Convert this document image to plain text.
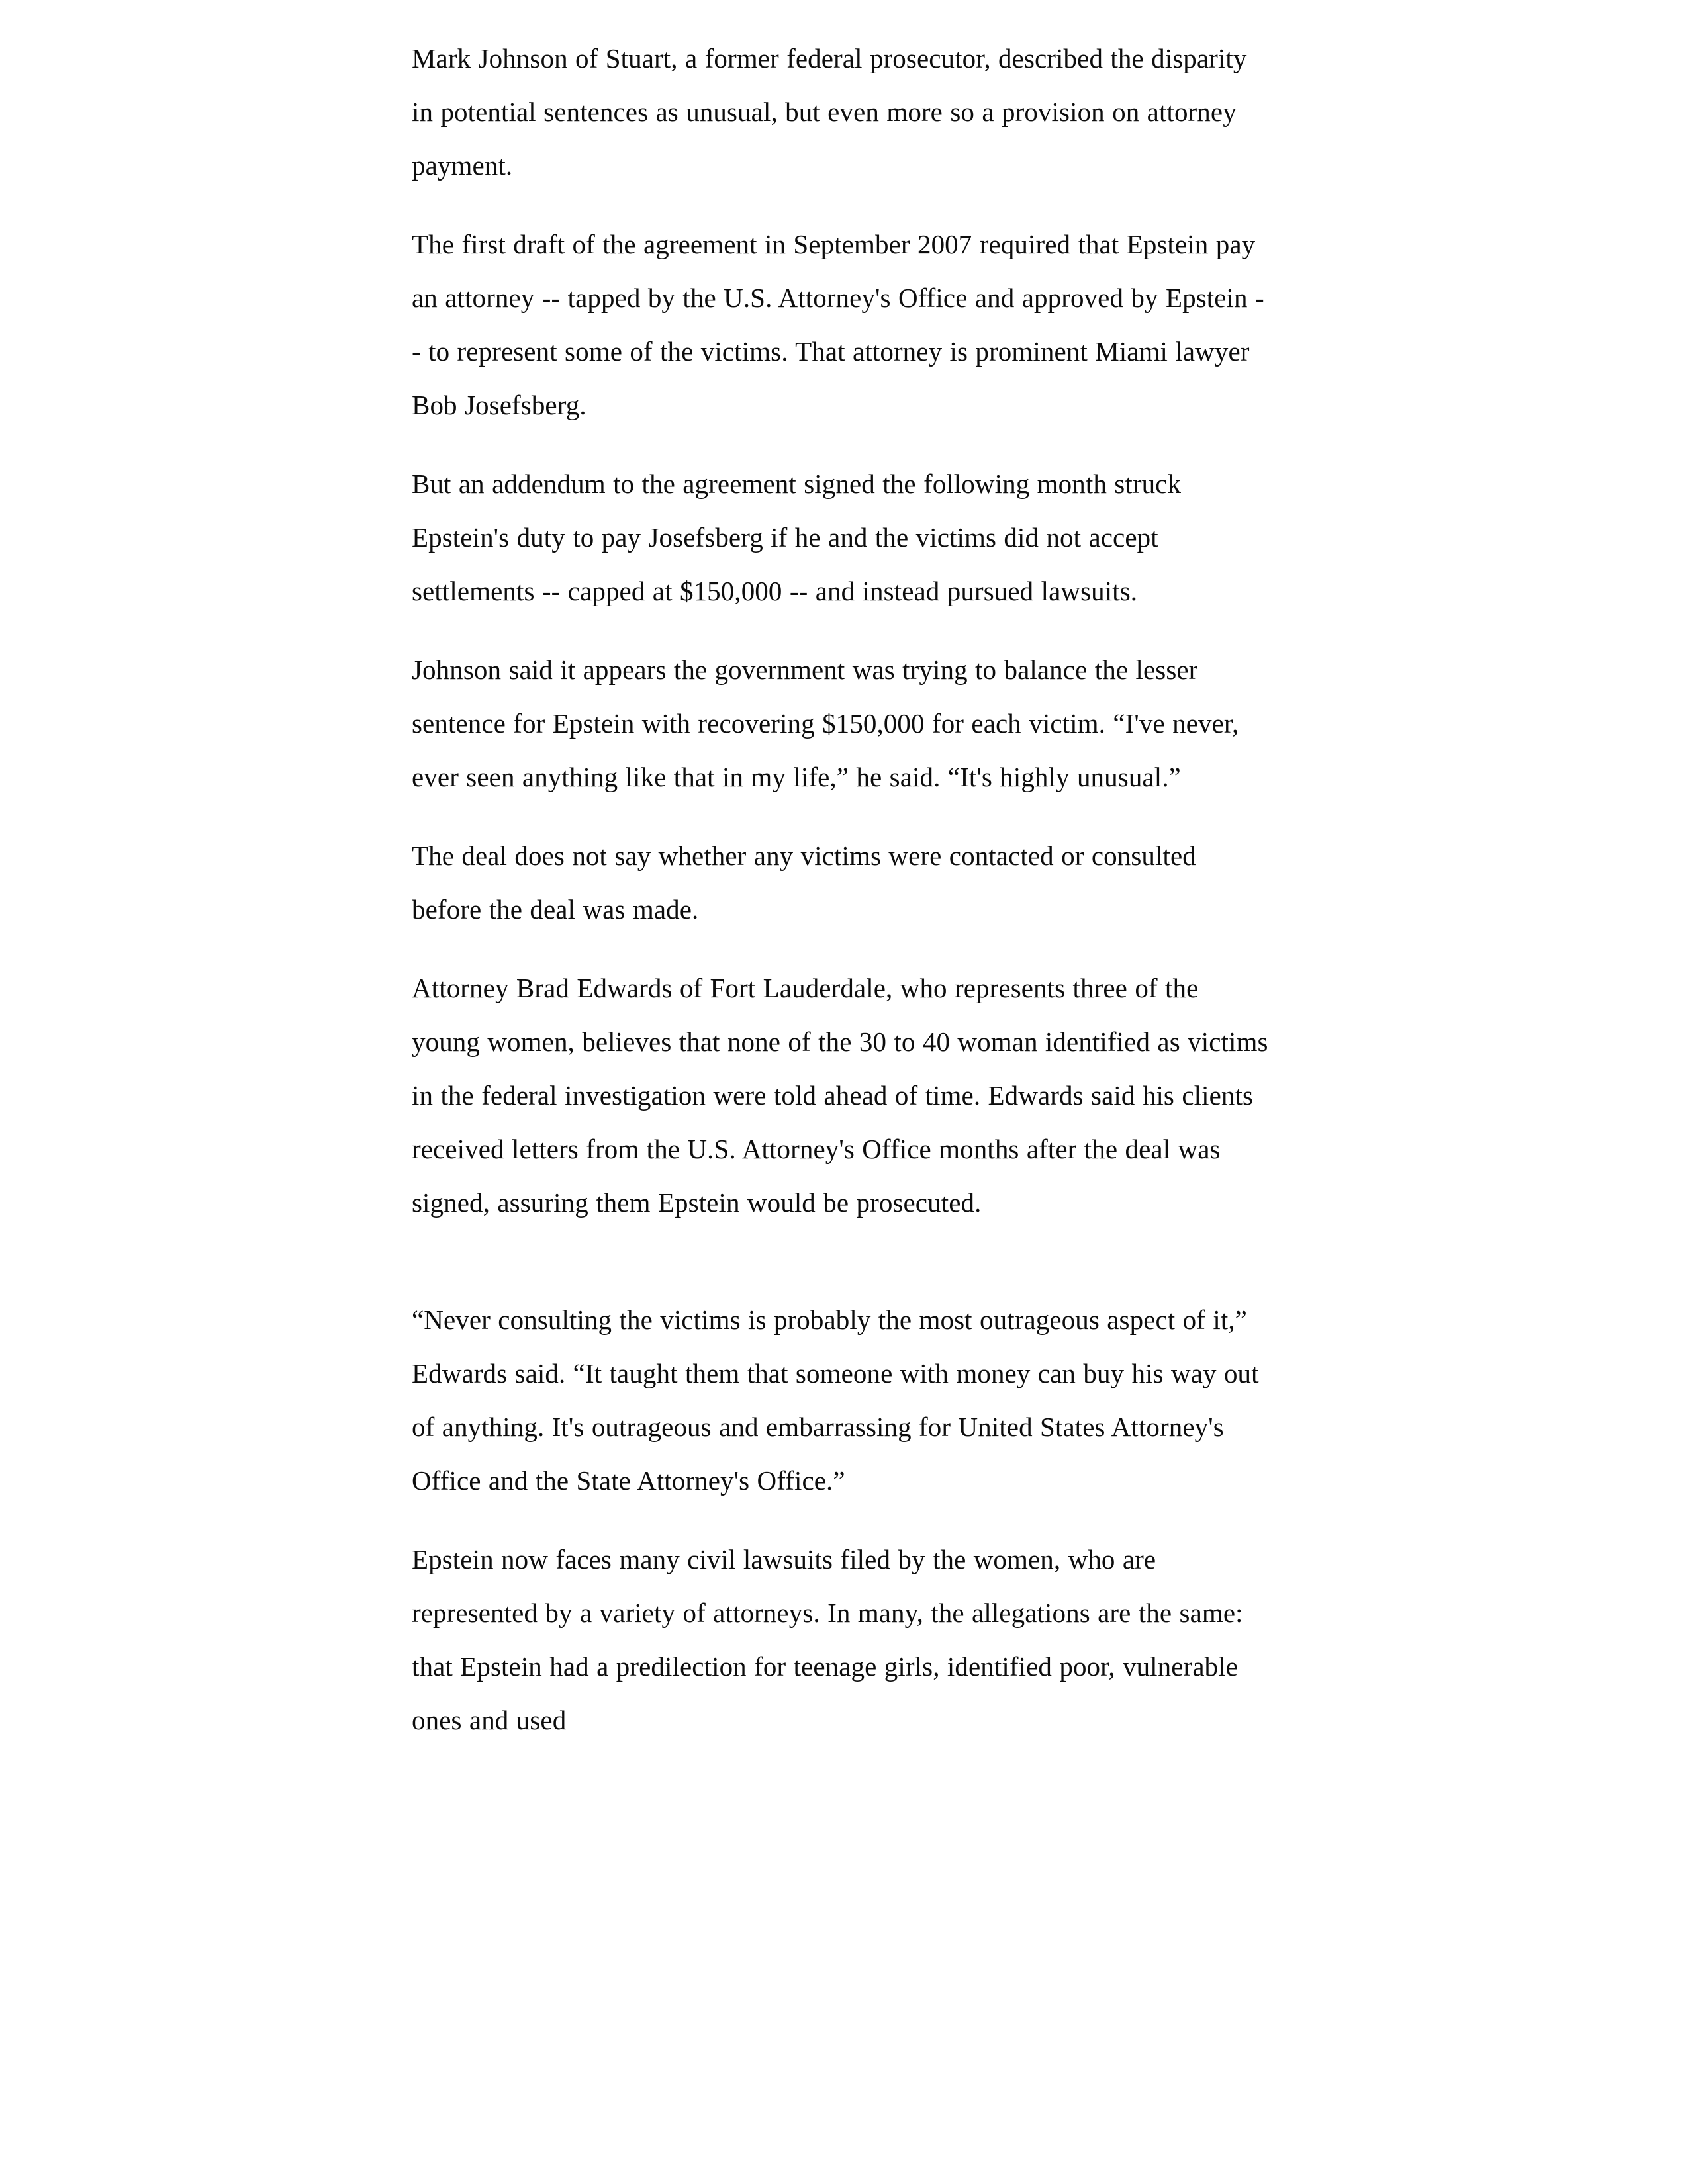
Mark Johnson of Stuart, a former federal prosecutor, described the disparity in potential sentences as unusual, but even more so a provision on attorney payment.

The first draft of the agreement in September 2007 required that Epstein pay an attorney -- tapped by the U.S. Attorney's Office and approved by Epstein -- to represent some of the victims. That attorney is prominent Miami lawyer Bob Josefsberg.

But an addendum to the agreement signed the following month struck Epstein's duty to pay Josefsberg if he and the victims did not accept settlements -- capped at $150,000 -- and instead pursued lawsuits.

Johnson said it appears the government was trying to balance the lesser sentence for Epstein with recovering $150,000 for each victim. “I've never, ever seen anything like that in my life,” he said. “It's highly unusual.”

The deal does not say whether any victims were contacted or consulted before the deal was made.

Attorney Brad Edwards of Fort Lauderdale, who represents three of the young women, believes that none of the 30 to 40 woman identified as victims in the federal investigation were told ahead of time. Edwards said his clients received letters from the U.S. Attorney's Office months after the deal was signed, assuring them Epstein would be prosecuted.

“Never consulting the victims is probably the most outrageous aspect of it,” Edwards said. “It taught them that someone with money can buy his way out of anything. It's outrageous and embarrassing for United States Attorney's Office and the State Attorney's Office.”

Epstein now faces many civil lawsuits filed by the women, who are represented by a variety of attorneys. In many, the allegations are the same: that Epstein had a predilection for teenage girls, identified poor, vulnerable ones and used
